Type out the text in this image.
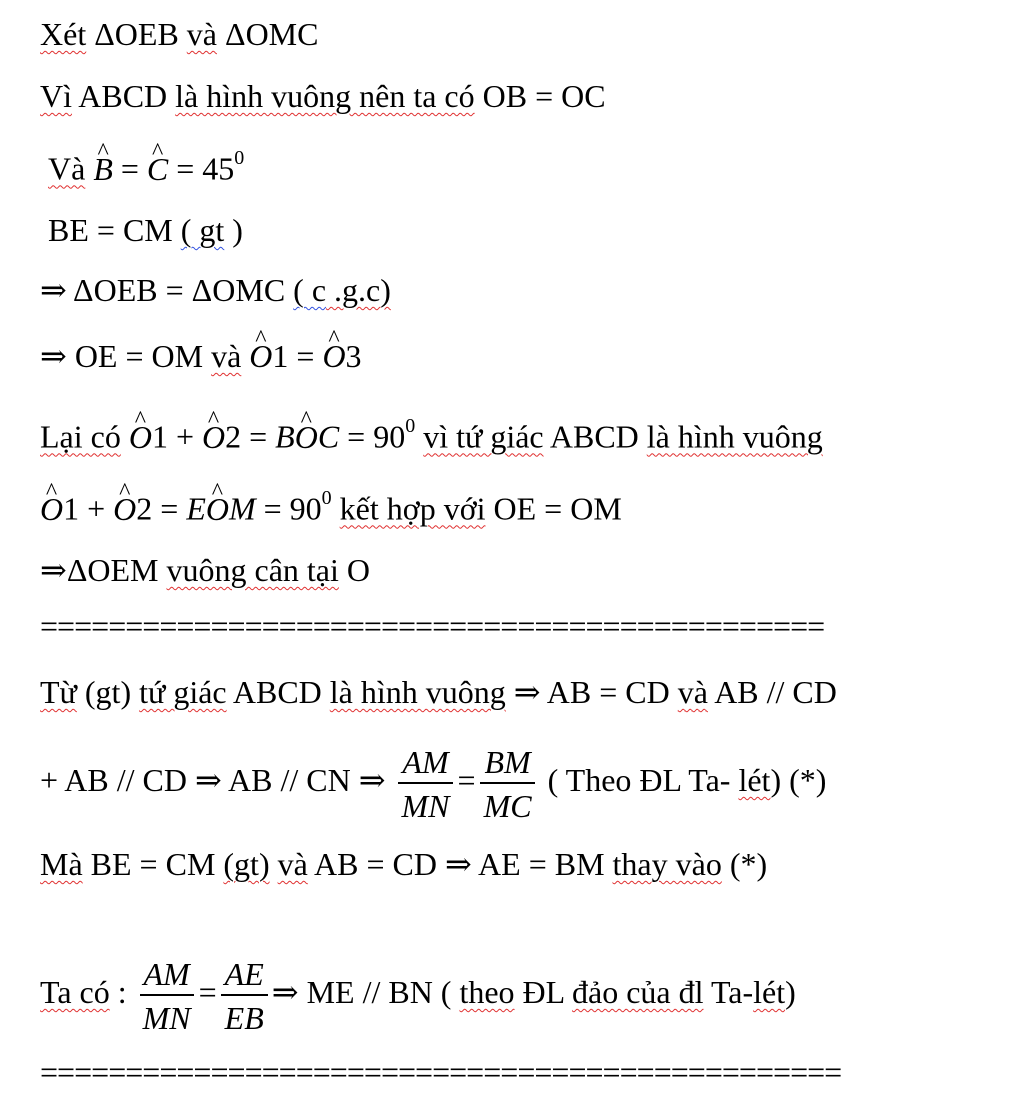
Xét ΔOEB và ΔOMC
Vì ABCD là hình vuông nên ta có OB = OC
Và ^ B = ^ $C = 45^0$
BE = CM ( gt )
⇒ ΔOEB = ΔOMC ( c .g.c)
⇒ OE = OM và ^ O1 = ^ O3
Lại có ^ O1 + ^ O2 = B^ OC = $90^0$ vì tứ giác ABCD là hình vuông
^ O1 + ^ O2 = E^ OM = $90^0$ kết hợp với OE = OM
⇒ΔOEM vuông cân tại O
==============================================
Từ (gt) tứ giác ABCD là hình vuông ⇒ AB = CD và AB // CD
+ AB // CD ⇒ AB // CN ⇒ $\frac{AM}{MN} = \frac{BM}{MC}$ ( Theo ĐL Ta- lét) (*)
Mà BE = CM (gt) và AB = CD ⇒ AE = BM thay vào (*)
Ta có : $\frac{AM}{MN} = \frac{AE}{EB}$ ⇒ ME // BN ( theo ĐL đảo của đl Ta-lét)
===============================================
